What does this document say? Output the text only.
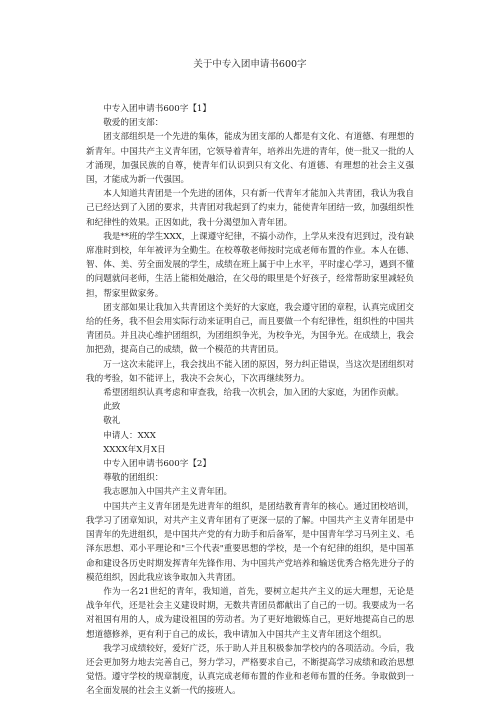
关于中专入团申请书600字

中专入团申请书600字【1】

敬爱的团支部：

团支部组织是一个先进的集体，能成为团支部的人都是有文化、有道德、有理想的新青年。中国共产主义青年团，它领导着青年，培养出先进的青年，使一批又一批的人才涌现，加强民族的自尊，使青年们认识到只有文化、有道德、有理想的社会主义强国，才能成为新一代强国。

本人知道共青团是一个先进的团体，只有新一代青年才能加入共青团，我认为我自己已经达到了入团的要求，共青团对我起到了约束力，能使青年团结一致，加强组织性和纪律性的效果。正因如此，我十分渴望加入青年团。

我是**班的学生XXX，上课遵守纪律，不搞小动作，上学从来没有迟到过，没有缺席准时到校，年年被评为全勤生。在校尊敬老师按时完成老师布置的作业。本人在德、智、体、美、劳全面发展的学生，成绩在班上属于中上水平，平时虚心学习，遇到不懂的问题就问老师，生活上能相处融洽，在父母的眼里是个好孩子，经常帮助家里减轻负担，帮家里做家务。

团支部如果让我加入共青团这个美好的大家庭，我会遵守团的章程，认真完成团交给的任务，我不但会用实际行动来证明自己，而且要做一个有纪律性，组织性的中国共青团员。并且决心维护团组织，为团组织争光，为校争光，为国争光。在成绩上，我会加把劲，提高自己的成绩，做一个模范的共青团员。

万一这次未能评上，我会找出不能入团的原因，努力纠正错误，当这次是团组织对我的考验，如不能评上，我决不会灰心，下次再继续努力。

希望团组织认真考虑和审查我，给我一次机会，加入团的大家庭，为团作贡献。

此致

敬礼

申请人：XXX

XXXX年X月X日

中专入团申请书600字【2】

尊敬的团组织：

我志愿加入中国共产主义青年团。

中国共产主义青年团是先进青年的组织，是团结教育青年的核心。通过团校培训，我学习了团章知识，对共产主义青年团有了更深一层的了解。中国共产主义青年团是中国青年的先进组织，是中国共产党的有力助手和后备军，是中国青年学习马列主义、毛泽东思想、邓小平理论和"三个代表"重要思想的学校，是一个有纪律的组织，是中国革命和建设各历史时期发挥青年先锋作用、为中国共产党培养和输送优秀合格先进分子的模范组织，因此我应该争取加入共青团。

作为一名21世纪的青年，我知道，首先，要树立起共产主义的远大理想，无论是战争年代，还是社会主义建设时期，无数共青团员都献出了自己的一切。我要成为一名对祖国有用的人，成为建设祖国的劳动者。为了更好地锻炼自己，更好地提高自己的思想道德修养，更有利于自己的成长，我申请加入中国共产主义青年团这个组织。

我学习成绩较好，爱好广泛，乐于助人并且积极参加学校内的各项活动。今后，我还会更加努力地去完善自己，努力学习，严格要求自己，不断提高学习成绩和政治思想觉悟。遵守学校的规章制度，认真完成老师布置的作业和老师布置的任务。争取做到一名全面发展的社会主义新一代的接班人。
